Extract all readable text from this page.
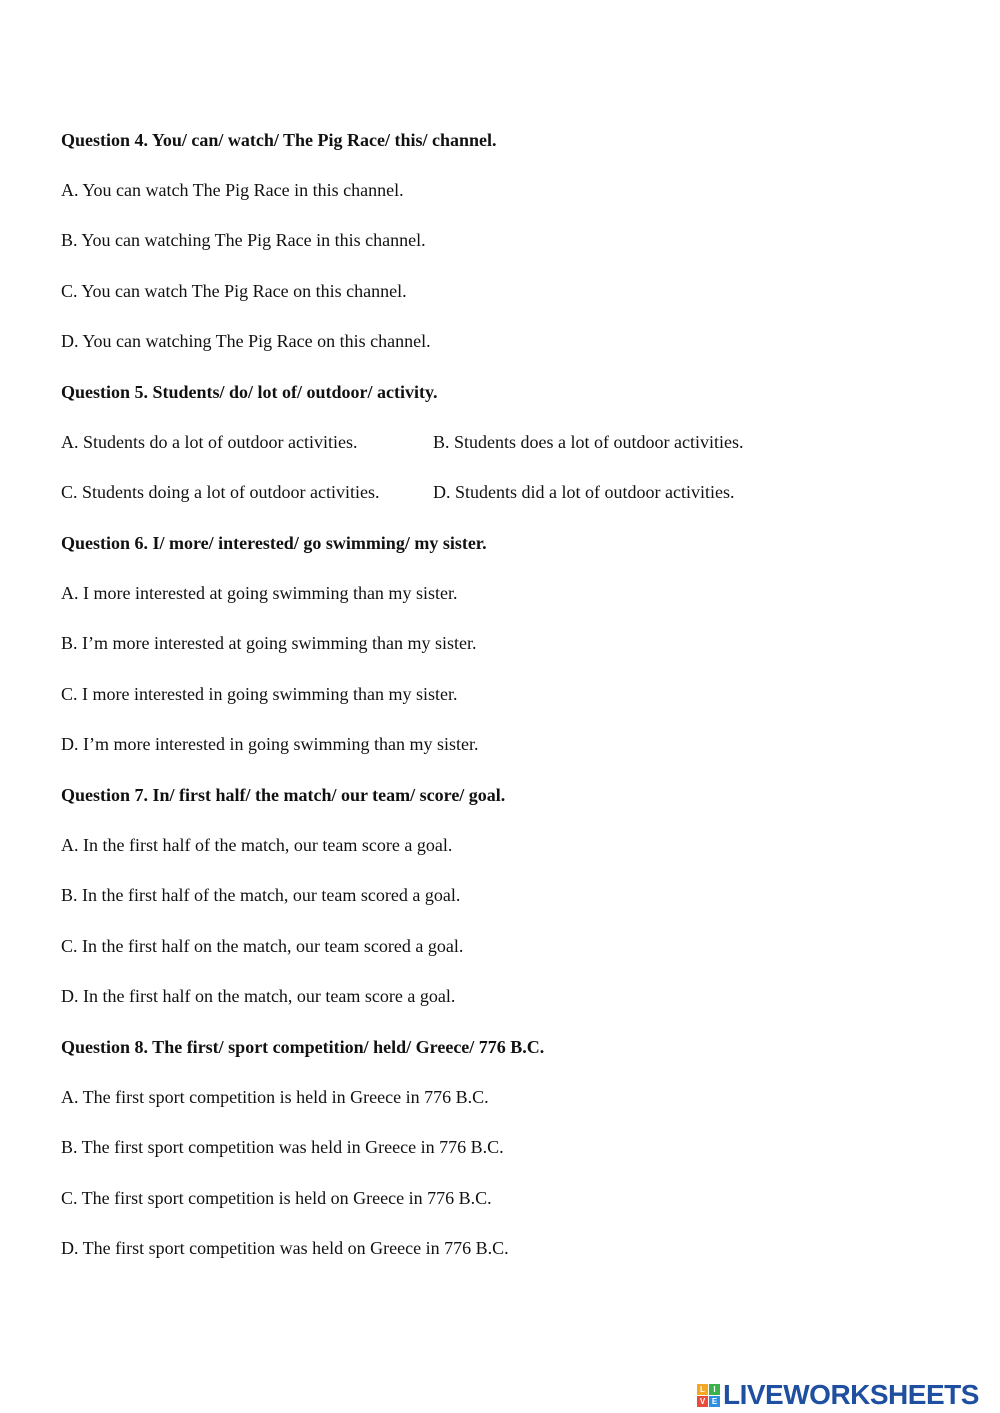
Question 4. You/ can/ watch/ The Pig Race/ this/ channel.
A. You can watch The Pig Race in this channel.
B. You can watching The Pig Race in this channel.
C. You can watch The Pig Race on this channel.
D. You can watching The Pig Race on this channel.
Question 5. Students/ do/ lot of/ outdoor/ activity.
A. Students do a lot of outdoor activities.	B. Students does a lot of outdoor activities.
C. Students doing a lot of outdoor activities.	D. Students did a lot of outdoor activities.
Question 6. I/ more/ interested/ go swimming/ my sister.
A. I more interested at going swimming than my sister.
B. I’m more interested at going swimming than my sister.
C. I more interested in going swimming than my sister.
D. I’m more interested in going swimming than my sister.
Question 7. In/ first half/ the match/ our team/ score/ goal.
A. In the first half of the match, our team score a goal.
B. In the first half of the match, our team scored a goal.
C. In the first half on the match, our team scored a goal.
D. In the first half on the match, our team score a goal.
Question 8. The first/ sport competition/ held/ Greece/ 776 B.C.
A. The first sport competition is held in Greece in 776 B.C.
B. The first sport competition was held in Greece in 776 B.C.
C. The first sport competition is held on Greece in 776 B.C.
D. The first sport competition was held on Greece in 776 B.C.
L	I
V E LIVEWORKSHEETS
